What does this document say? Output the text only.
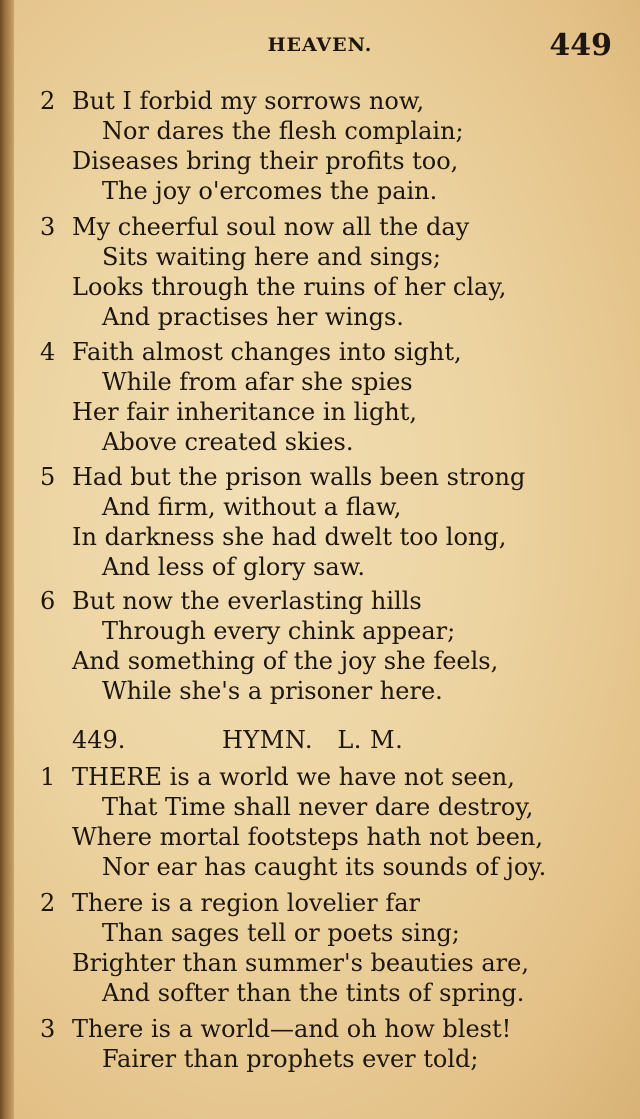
HEAVEN.	449
2 But I forbid my sorrows now,
Nor dares the flesh complain;
Diseases bring their profits too,
The joy o'ercomes the pain.
3 My cheerful soul now all the day
Sits waiting here and sings;
Looks through the ruins of her clay,
And practises her wings.
4 Faith almost changes into sight,
While from afar she spies
Her fair inheritance in light,
Above created skies.
5 Had but the prison walls been strong
And firm, without a flaw,
In darkness she had dwelt too long,
And less of glory saw.
6 But now the everlasting hills
Through every chink appear;
And something of the joy she feels,
While she's a prisoner here.
449.	HYMN.   L. M.
1 THERE is a world we have not seen,
That Time shall never dare destroy,
Where mortal footsteps hath not been,
Nor ear has caught its sounds of joy.
2 There is a region lovelier far
Than sages tell or poets sing;
Brighter than summer's beauties are,
And softer than the tints of spring.
3 There is a world—and oh how blest!
Fairer than prophets ever told;
